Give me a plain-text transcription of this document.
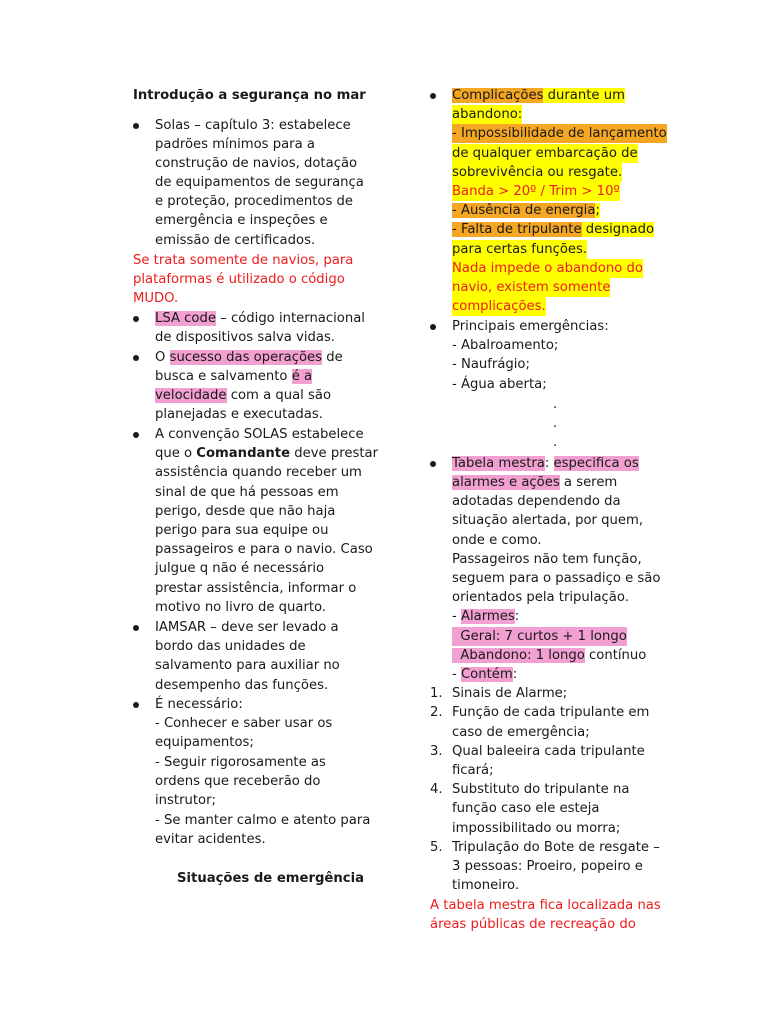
Introdução a segurança no mar
Solas – capítulo 3: estabelece
padrões mínimos para a
construção de navios, dotação
de equipamentos de segurança
e proteção, procedimentos de
emergência e inspeções e
emissão de certificados.
Se trata somente de navios, para
plataformas é utilizado o código
MUDO.
LSA code – código internacional
de dispositivos salva vidas.
O sucesso das operações de
busca e salvamento é a
velocidade com a qual são
planejadas e executadas.
A convenção SOLAS estabelece
que o Comandante deve prestar
assistência quando receber um
sinal de que há pessoas em
perigo, desde que não haja
perigo para sua equipe ou
passageiros e para o navio. Caso
julgue q não é necessário
prestar assistência, informar o
motivo no livro de quarto.
IAMSAR – deve ser levado a
bordo das unidades de
salvamento para auxiliar no
desempenho das funções.
É necessário:
- Conhecer e saber usar os
equipamentos;
- Seguir rigorosamente as
ordens que receberão do
instrutor;
- Se manter calmo e atento para
evitar acidentes.
Situações de emergência
Complicações durante um
abandono:
- Impossibilidade de lançamento
de qualquer embarcação de
sobrevivência ou resgate.
Banda > 20º / Trim > 10º
- Ausência de energia;
- Falta de tripulante designado
para certas funções.
Nada impede o abandono do
navio, existem somente
complicações.
Principais emergências:
- Abalroamento;
- Naufrágio;
- Água aberta;
.
.
.
Tabela mestra: especifica os
alarmes e ações a serem
adotadas dependendo da
situação alertada, por quem,
onde e como.
Passageiros não tem função,
seguem para o passadiço e são
orientados pela tripulação.
- Alarmes:
Geral: 7 curtos + 1 longo
Abandono: 1 longo contínuo
- Contém:
1. Sinais de Alarme;
2. Função de cada tripulante em
caso de emergência;
3. Qual baleeira cada tripulante
ficará;
4. Substituto do tripulante na
função caso ele esteja
impossibilitado ou morra;
5. Tripulação do Bote de resgate –
3 pessoas: Proeiro, popeiro e
timoneiro.
A tabela mestra fica localizada nas
áreas públicas de recreação do
